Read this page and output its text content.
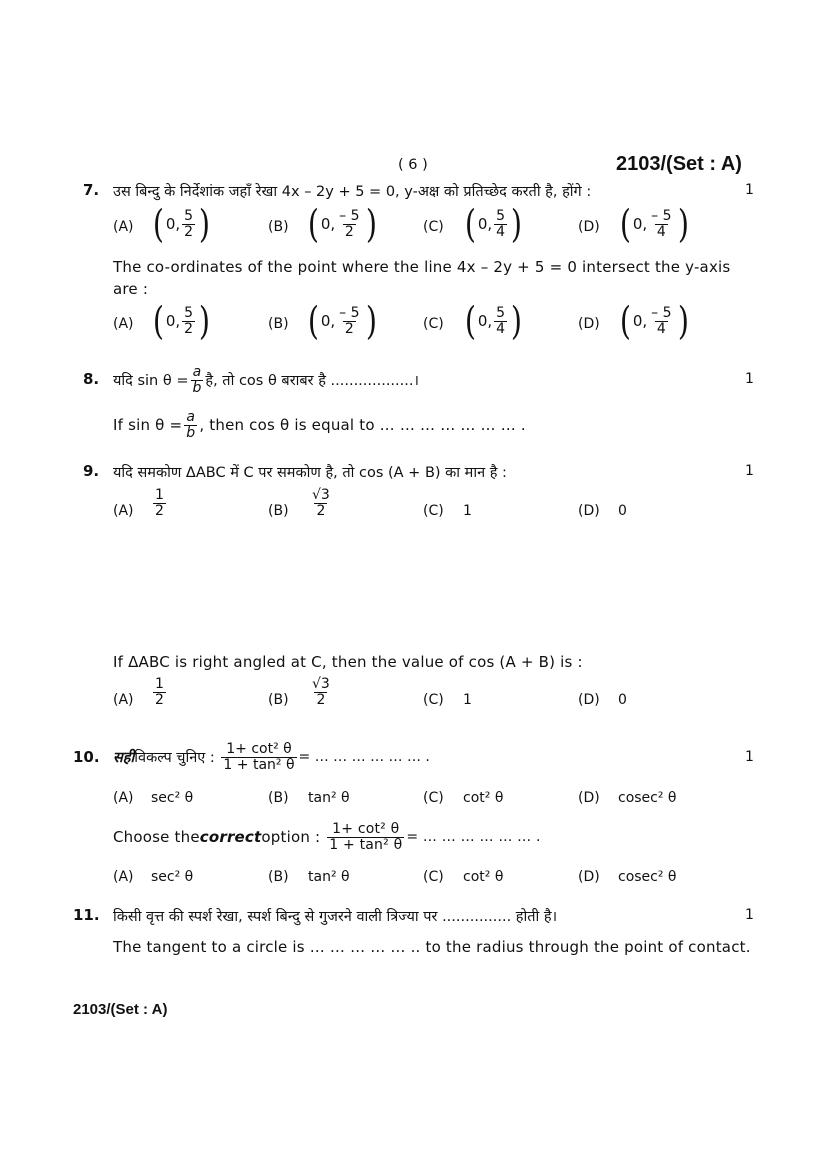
( 6 )	2103/(Set : A)
7. उस बिन्दु के निर्देशांक जहाँ रेखा 4x – 2y + 5 = 0, y-अक्ष को प्रतिच्छेद करती है, होंगे :	1
(A) ( 0, $\frac{5}{2}$ )	(B) ( 0, $\frac{- 5}{2}$ )	(C) ( 0, $\frac{5}{4}$ )	(D) ( 0, $\frac{- 5}{4}$ )
The co-ordinates of the point where the line 4x – 2y + 5 = 0 intersect the y-axis
are :
(A) ( 0, $\frac{5}{2}$ )	(B) ( 0, $\frac{- 5}{2}$ )	(C) ( 0, $\frac{5}{4}$ )	(D) ( 0, $\frac{- 5}{4}$ )
8. यदि $\sin \theta = \frac{a}{b}$ है, तो cos θ बराबर है ..................।	1
If $\sin \theta = \frac{a}{b}$ , then cos θ is equal to … … … … … … … .
9. यदि समकोण ΔABC में C पर समकोण है, तो cos (A + B) का मान है :	1
$(A) \frac{1}{2}$	$(B) \frac{√3}{2}$	(C) 1	(D) 0
If ΔABC is right angled at C, then the value of cos (A + B) is :
$(A) \frac{1}{2}$	$(B) \frac{√3}{2}$	(C) 1	(D) 0
10. सही विकल्प चुनिए :
$\frac{\text{1+ cot² θ}}{\text{1 + tan² θ}}$ = … … … … … … .	1
(A) sec² θ	(B) tan² θ	(C) cot² θ	(D) cosec² θ
Choose the correct option :
$\frac{\text{1+ cot² θ}}{\text{1 + tan² θ}}$ = … … … … … … .
(A) sec² θ	(B) tan² θ	(C) cot² θ	(D) cosec² θ
11. किसी वृत्त की स्पर्श रेखा, स्पर्श बिन्दु से गुजरने वाली त्रिज्या पर ............... होती है।	1
The tangent to a circle is … … … … … .. to the radius through the point of contact.
2103/(Set : A)
